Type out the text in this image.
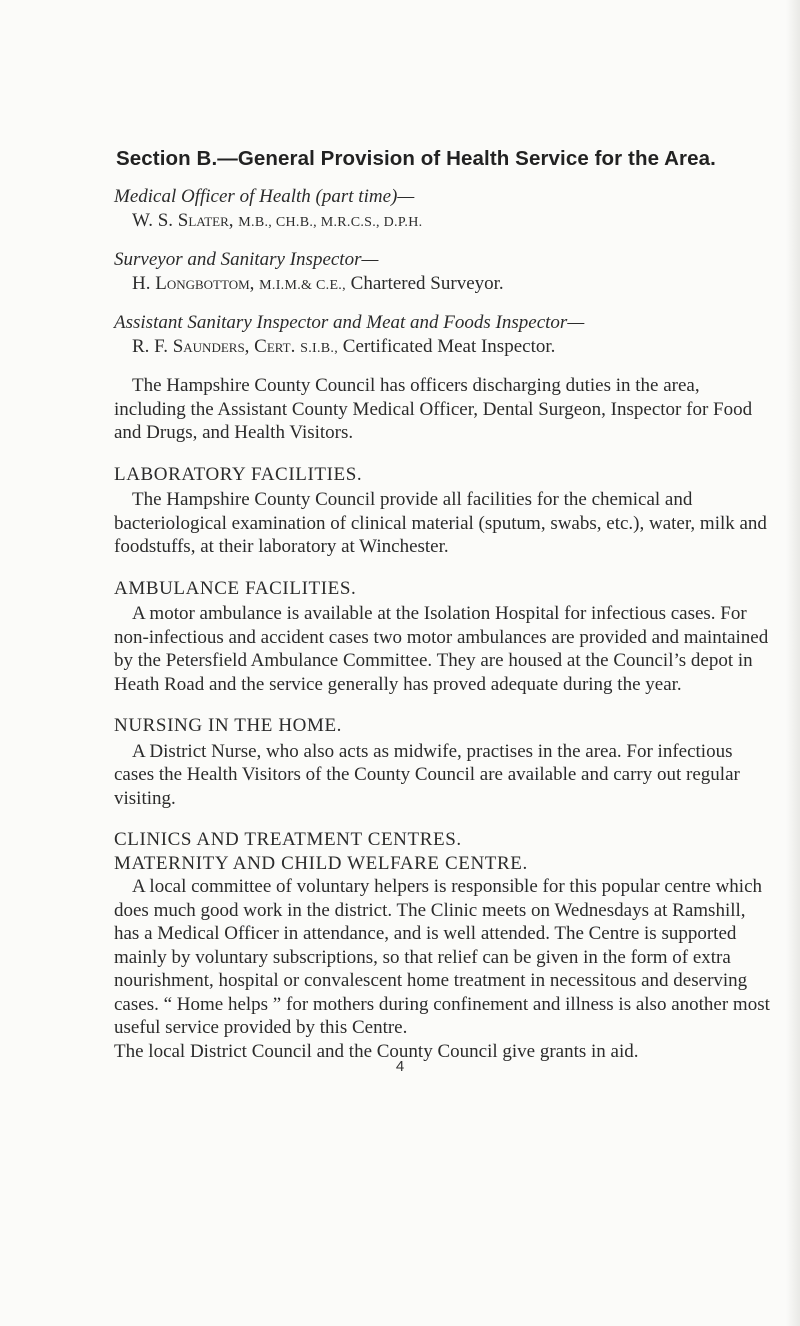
Section B.—General Provision of Health Service for the Area.
Medical Officer of Health (part time)—
W. S. Slater, M.B., CH.B., M.R.C.S., D.P.H.
Surveyor and Sanitary Inspector—
H. Longbottom, M.I.M.& C.E., Chartered Surveyor.
Assistant Sanitary Inspector and Meat and Foods Inspector—
R. F. Saunders, Cert. S.I.B., Certificated Meat Inspector.

The Hampshire County Council has officers discharging duties in the area, including the Assistant County Medical Officer, Dental Surgeon, Inspector for Food and Drugs, and Health Visitors.

LABORATORY FACILITIES.

The Hampshire County Council provide all facilities for the chemical and bacteriological examination of clinical material (sputum, swabs, etc.), water, milk and foodstuffs, at their laboratory at Winchester.

AMBULANCE FACILITIES.

A motor ambulance is available at the Isolation Hospital for infectious cases. For non-infectious and accident cases two motor ambulances are provided and maintained by the Petersfield Ambulance Committee. They are housed at the Council’s depot in Heath Road and the service generally has proved adequate during the year.

NURSING IN THE HOME.

A District Nurse, who also acts as midwife, practises in the area. For infectious cases the Health Visitors of the County Council are available and carry out regular visiting.

CLINICS AND TREATMENT CENTRES.
MATERNITY AND CHILD WELFARE CENTRE.

A local committee of voluntary helpers is responsible for this popular centre which does much good work in the district. The Clinic meets on Wednesdays at Ramshill, has a Medical Officer in attendance, and is well attended. The Centre is supported mainly by voluntary subscriptions, so that relief can be given in the form of extra nourishment, hospital or convalescent home treatment in necessitous and deserving cases. “ Home helps ” for mothers during confinement and illness is also another most useful service provided by this Centre.

The local District Council and the County Council give grants in aid.

4
